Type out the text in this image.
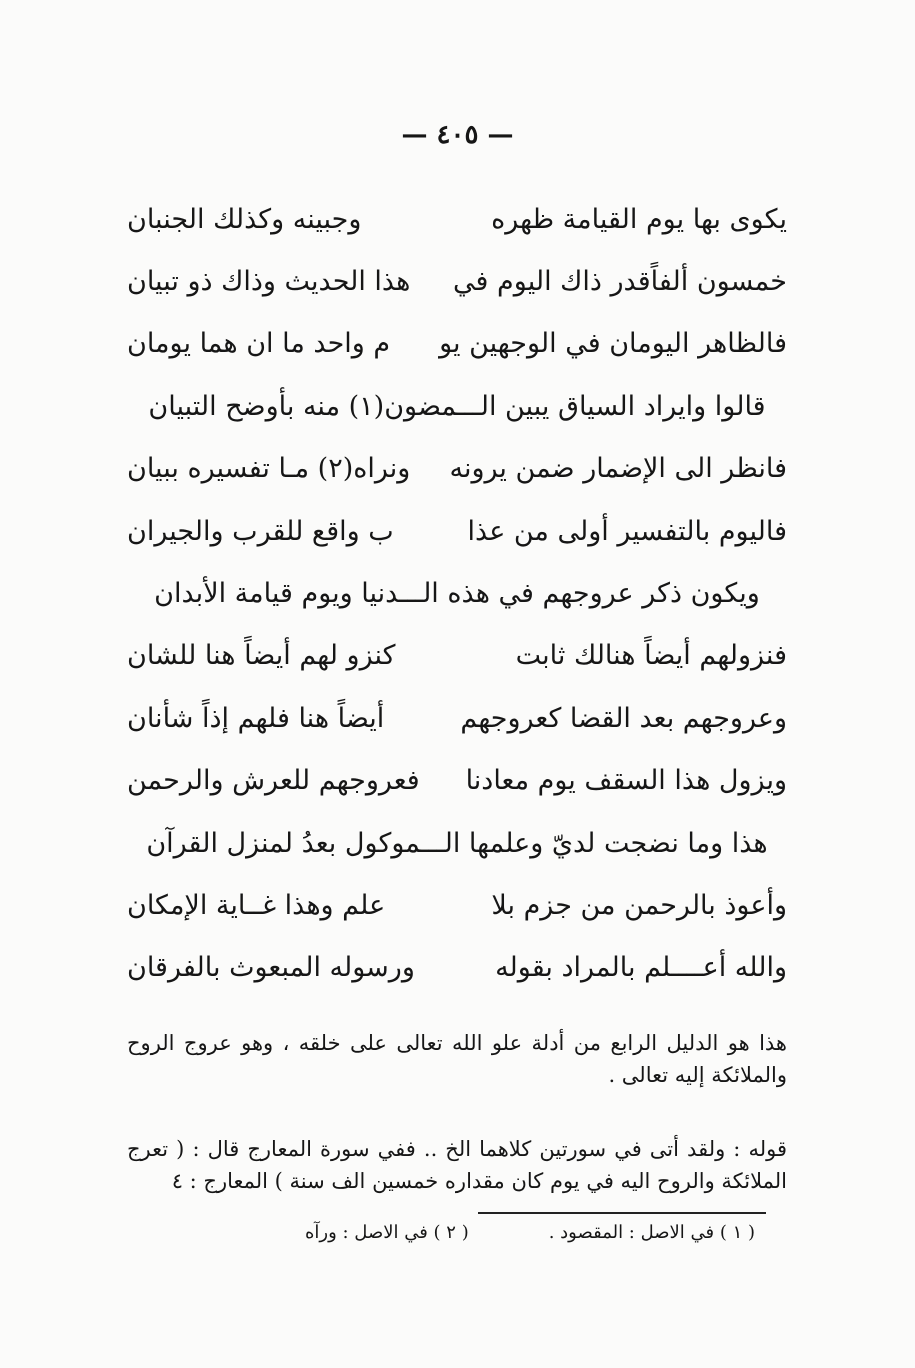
— ٤٠٥ —
يكوى بها يوم القيامة ظهره
وجبينه وكذلك الجنبان
خمسون ألفاًقدر ذاك اليوم في
هذا الحديث وذاك ذو تبيان
فالظاهر اليومان في الوجهين يو
م واحد ما ان هما يومان
قالوا وايراد السياق يبين الـــمضون(١) منه بأوضح التبيان
فانظر الى الإضمار ضمن يرونه
ونراه(٢) مـا تفسيره ببيان
فاليوم بالتفسير أولى من عذا
ب واقع للقرب والجيران
ويكون ذكر عروجهم في هذه الـــدنيا ويوم قيامة الأبدان
فنزولهم أيضاً هنالك ثابت
كنزو لهم أيضاً هنا للشان
وعروجهم بعد القضا كعروجهم
أيضاً هنا فلهم إذاً شأنان
ويزول هذا السقف يوم معادنا
فعروجهم للعرش والرحمن
هذا وما نضجت لديّ وعلمها الـــموكول بعدُ لمنزل القرآن
وأعوذ بالرحمن من جزم بلا
علم وهذا غــاية الإمكان
والله أعــــلم بالمراد بقوله
ورسوله المبعوث بالفرقان

هذا هو الدليل الرابع من أدلة علو الله تعالى على خلقه ، وهو عروج الروح والملائكة إليه تعالى .

قوله : ولقد أتى في سورتين كلاهما الخ .. ففي سورة المعارج قال : ( تعرج الملائكة والروح اليه في يوم كان مقداره خمسين الف سنة ) المعارج : ٤

( ١ ) في الاصل : المقصود .
( ٢ ) في الاصل : ورآه
